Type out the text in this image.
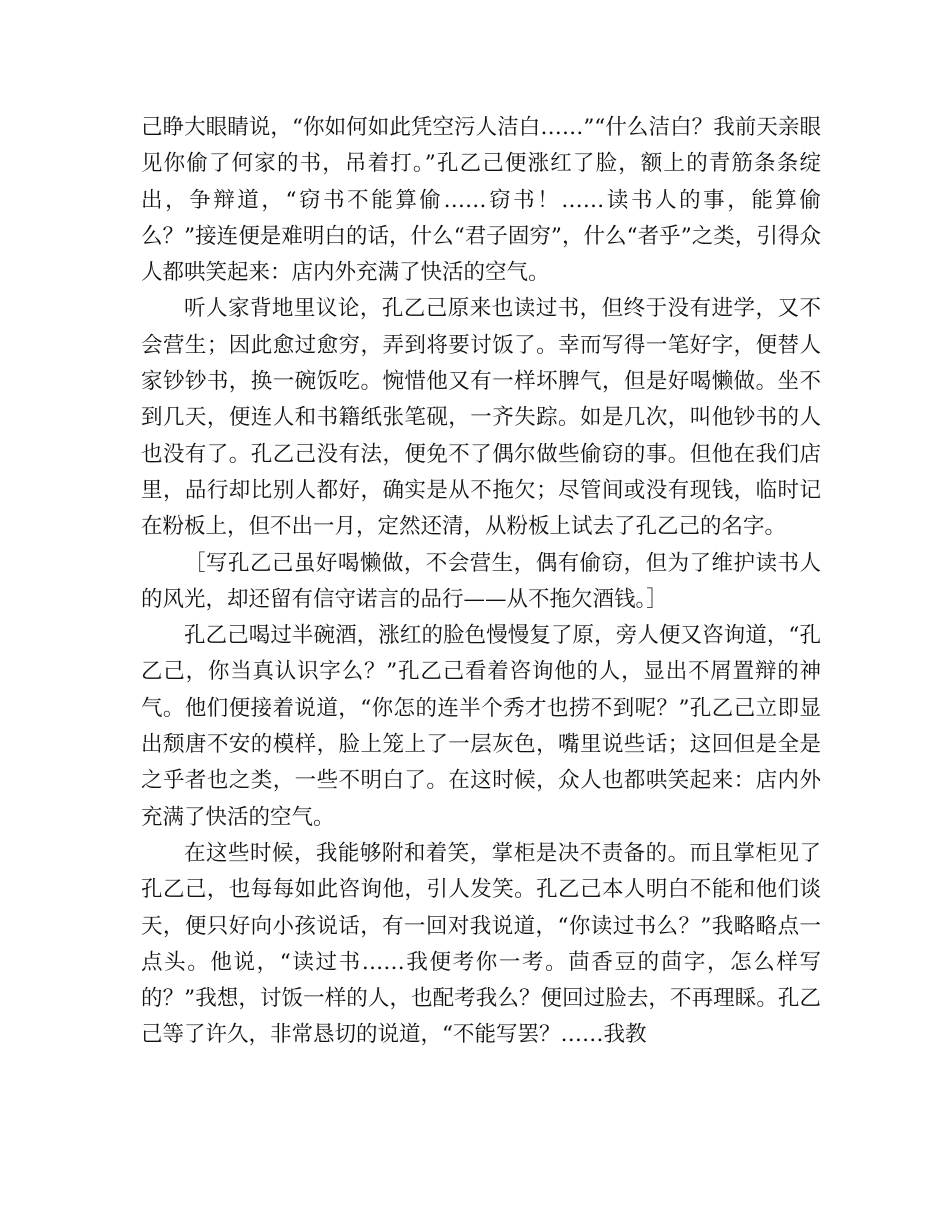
己睁大眼睛说，“你如何如此凭空污人洁白……”“什么洁白？我前天亲眼见你偷了何家的书，吊着打。”孔乙己便涨红了脸，额上的青筋条条绽出，争辩道，“窃书不能算偷……窃书！……读书人的事，能算偷么？”接连便是难明白的话，什么“君子固穷”，什么“者乎”之类，引得众人都哄笑起来：店内外充满了快活的空气。

听人家背地里议论，孔乙己原来也读过书，但终于没有进学，又不会营生；因此愈过愈穷，弄到将要讨饭了。幸而写得一笔好字，便替人家钞钞书，换一碗饭吃。惋惜他又有一样坏脾气，但是好喝懒做。坐不到几天，便连人和书籍纸张笔砚，一齐失踪。如是几次，叫他钞书的人也没有了。孔乙己没有法，便免不了偶尔做些偷窃的事。但他在我们店里，品行却比别人都好，确实是从不拖欠；尽管间或没有现钱，临时记在粉板上，但不出一月，定然还清，从粉板上试去了孔乙己的名字。

［写孔乙己虽好喝懒做，不会营生，偶有偷窃，但为了维护读书人的风光，却还留有信守诺言的品行——从不拖欠酒钱。］

孔乙己喝过半碗酒，涨红的脸色慢慢复了原，旁人便又咨询道，“孔乙己，你当真认识字么？”孔乙己看着咨询他的人，显出不屑置辩的神气。他们便接着说道，“你怎的连半个秀才也捞不到呢？”孔乙己立即显出颓唐不安的模样，脸上笼上了一层灰色，嘴里说些话；这回但是全是之乎者也之类，一些不明白了。在这时候，众人也都哄笑起来：店内外充满了快活的空气。

在这些时候，我能够附和着笑，掌柜是决不责备的。而且掌柜见了孔乙己，也每每如此咨询他，引人发笑。孔乙己本人明白不能和他们谈天，便只好向小孩说话，有一回对我说道，“你读过书么？”我略略点一点头。他说，“读过书……我便考你一考。茴香豆的茴字，怎么样写的？”我想，讨饭一样的人，也配考我么？便回过脸去，不再理睬。孔乙己等了许久，非常恳切的说道，“不能写罢？……我教
